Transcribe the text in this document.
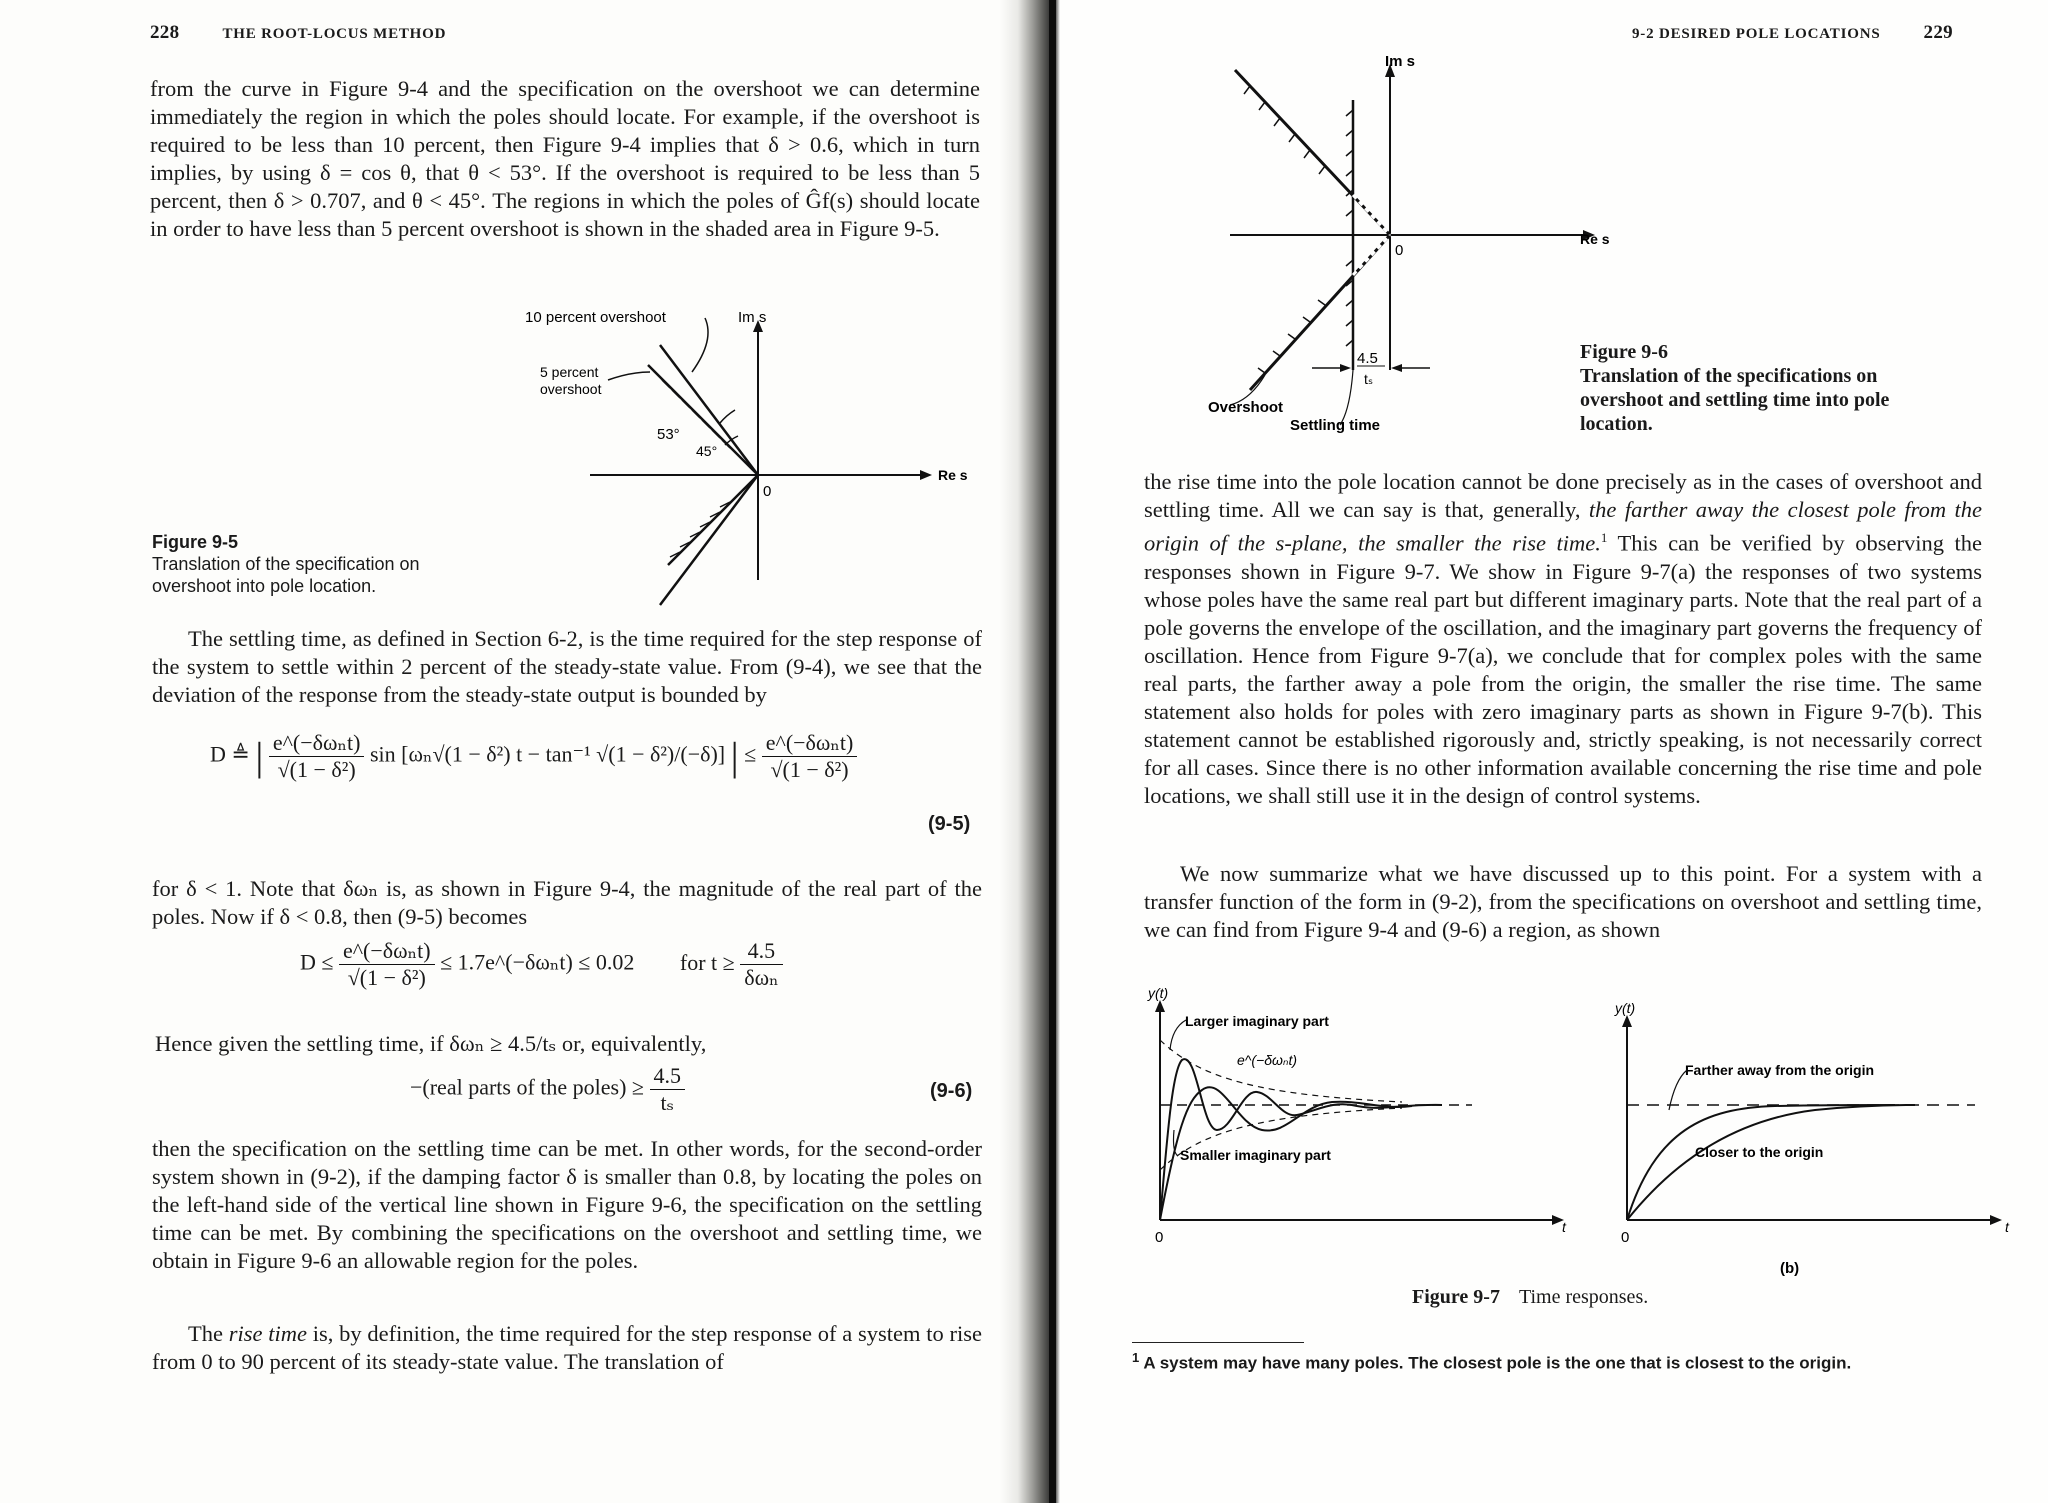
228	THE ROOT-LOCUS METHOD
from the curve in Figure 9-4 and the specification on the overshoot we can determine immediately the region in which the poles should locate. For example, if the overshoot is required to be less than 10 percent, then Figure 9-4 implies that δ > 0.6, which in turn implies, by using δ = cos θ, that θ < 53°. If the overshoot is required to be less than 5 percent, then δ > 0.707, and θ < 45°. The regions in which the poles of Ĝf(s) should locate in order to have less than 5 percent overshoot is shown in the shaded area in Figure 9-5.
10 percent overshoot	Im s
5 percent
overshoot
53°
45°
0
Re s
Figure 9-5
Translation of the specification on
overshoot into pole location.
The settling time, as defined in Section 6-2, is the time required for the step response of the system to settle within 2 percent of the steady-state value. From (9-4), we see that the deviation of the response from the steady-state output is bounded by
D ≜ | $\frac{\text{e\textasciicircum{}(−δωₙt)}}{\text{√(1 − δ²)}}$ sin [ωₙ√(1 − δ²) t − tan⁻¹ √(1 − δ²)/(−δ)] | ≤ $\frac{\text{e\textasciicircum{}(−δωₙt)}}{\text{√(1 − δ²)}}$
(9-5)
for δ < 1. Note that δωₙ is, as shown in Figure 9-4, the magnitude of the real part of the poles. Now if δ < 0.8, then (9-5) becomes
$D \le \frac{\text{e\textasciicircum{}(−δωₙt)}}{\text{√(1 − δ²)}}$ ≤ 1.7e^(−δωₙt) ≤ 0.02 for $t \ge \frac{4.5}{\text{δωₙ}}$
Hence given the settling time, if δωₙ ≥ 4.5/tₛ or, equivalently,
−(real parts of the poles) ≥ $\frac{4.5}{\text{tₛ}}$	(9-6)
then the specification on the settling time can be met. In other words, for the second-order system shown in (9-2), if the damping factor δ is smaller than 0.8, by locating the poles on the left-hand side of the vertical line shown in Figure 9-6, the specification on the settling time can be met. By combining the specifications on the overshoot and settling time, we obtain in Figure 9-6 an allowable region for the poles.
The rise time is, by definition, the time required for the step response of a system to rise from 0 to 90 percent of its steady-state value. The translation of
9-2 DESIRED POLE LOCATIONS 229
Im s
0
Re s
4.5
tₛ
Overshoot
Settling time
Figure 9-6
Translation of the specifications on
overshoot and settling time into pole
location.
the rise time into the pole location cannot be done precisely as in the cases of overshoot and settling time. All we can say is that, generally, the farther away the closest pole from the origin of the s-plane, the smaller the rise time.$^1$ This can be verified by observing the responses shown in Figure 9-7. We show in Figure 9-7(a) the responses of two systems whose poles have the same real part but different imaginary parts. Note that the real part of a pole governs the envelope of the oscillation, and the imaginary part governs the frequency of oscillation. Hence from Figure 9-7(a), we conclude that for complex poles with the same real parts, the farther away a pole from the origin, the smaller the rise time. The same statement also holds for poles with zero imaginary parts as shown in Figure 9-7(b). This statement cannot be established rigorously and, strictly speaking, is not necessarily correct for all cases. Since there is no other information available concerning the rise time and pole locations, we shall still use it in the design of control systems.
We now summarize what we have discussed up to this point. For a system with a transfer function of the form in (9-2), from the specifications on overshoot and settling time, we can find from Figure 9-4 and (9-6) a region, as shown
y(t)
Larger imaginary part
e^(−δωₙt)
Smaller imaginary part
0
t
y(t)
Farther away from the origin
Closer to the origin
0
t
(b)
Figure 9-7 Time responses.
$^1$ A system may have many poles. The closest pole is the one that is closest to the origin.
